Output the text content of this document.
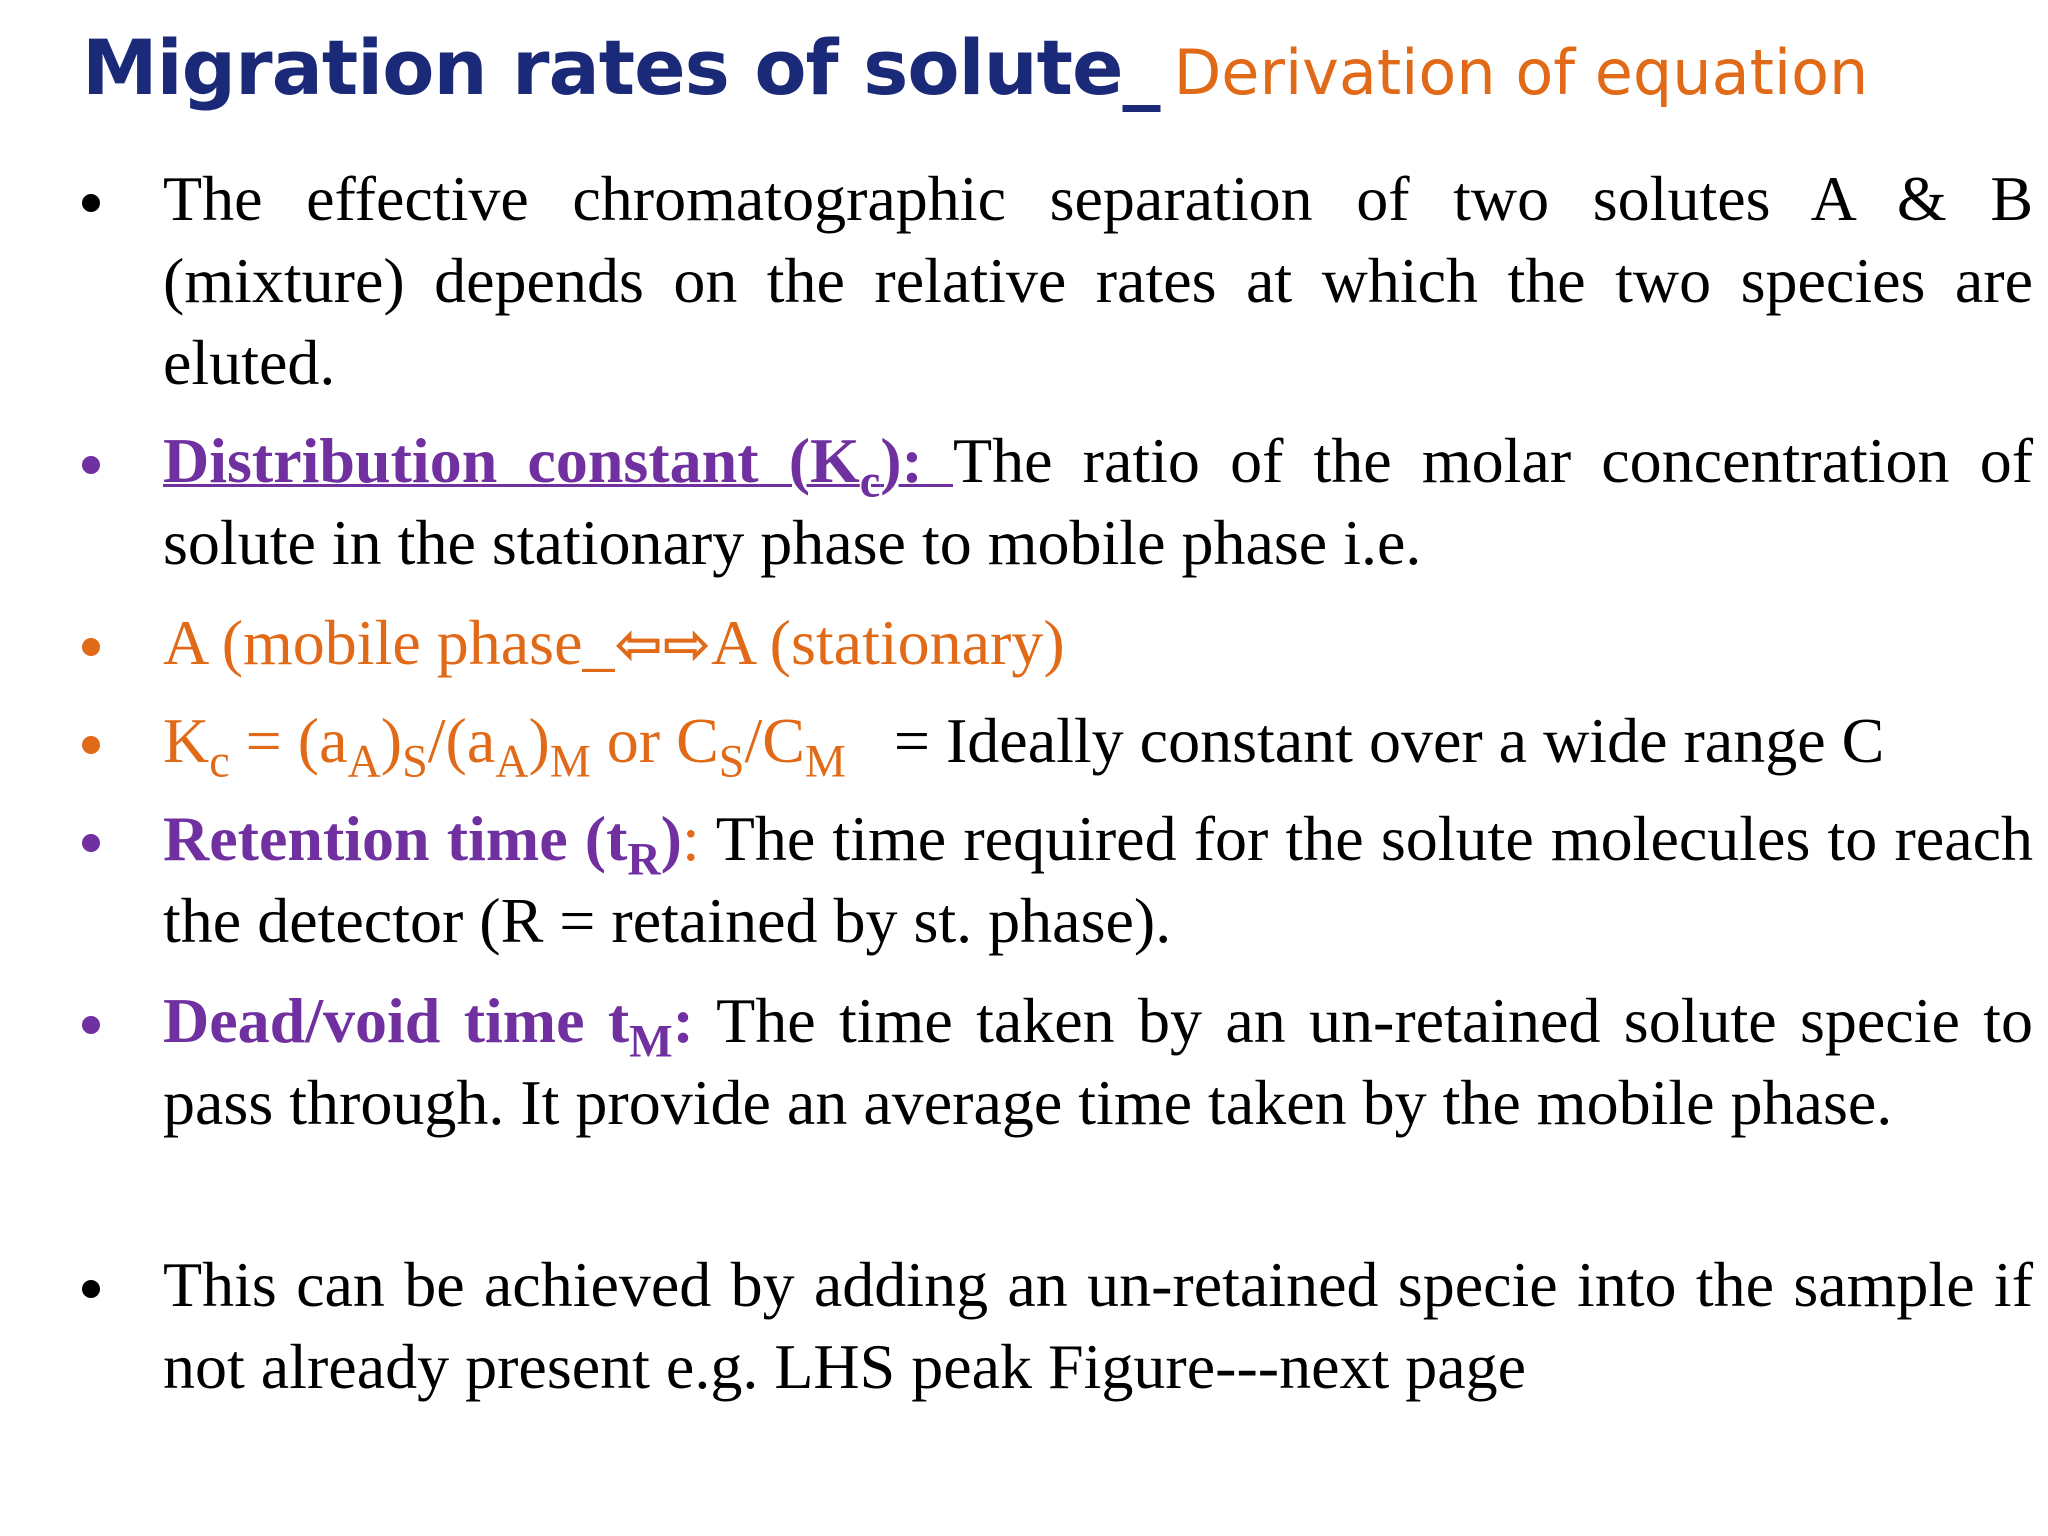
Migration rates of solute_ Derivation of equation
The effective chromatographic separation of two solutes A & B (mixture) depends on the relative rates at which the two species are eluted.
Distribution constant $(K_c)$: The ratio of the molar concentration of solute in the stationary phase to mobile phase i.e.
A (mobile phase_⇦⇨A (stationary)
$K_c = (a_A)_S/(a_A)_M$ or $C_S/C_M$   = Ideally constant over a wide range C
Retention time $(t_R)$: The time required for the solute molecules to reach the detector (R = retained by st. phase).
Dead/void time $t_M$: The time taken by an un-retained solute specie to pass through. It provide an average time taken by the mobile phase.
This can be achieved by adding an un-retained specie into the sample if not already present e.g. LHS peak Figure---next page
